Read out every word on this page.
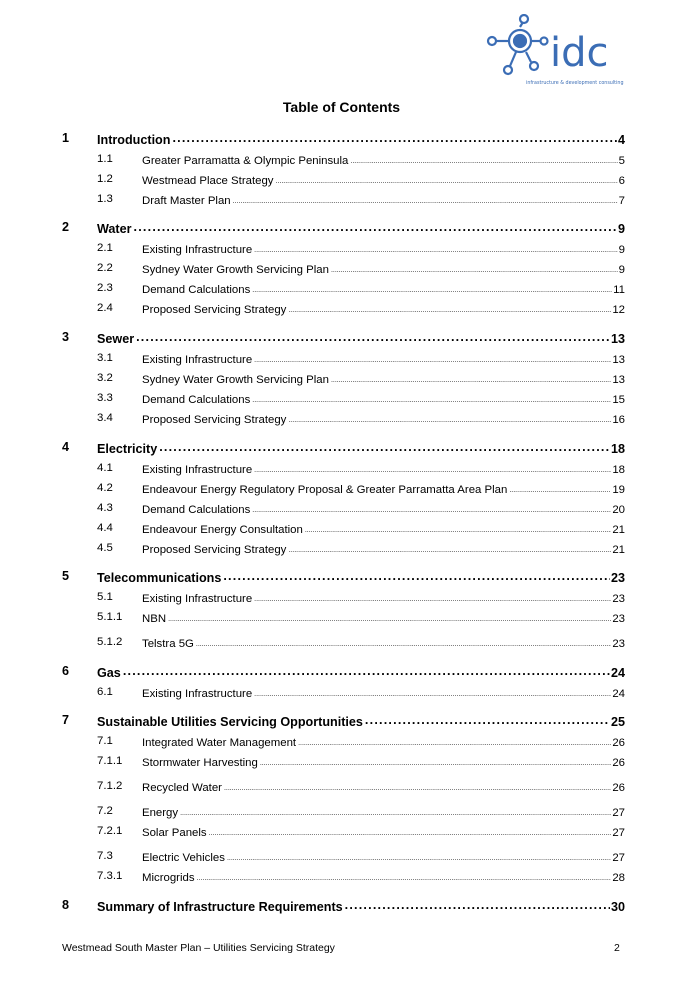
idc
infrastructure & development consulting
Table of Contents
1 Introduction .....	4
1.1	Greater Parramatta & Olympic Peninsula .....	5
1.2	Westmead Place Strategy .....	6
1.3	Draft Master Plan .....	7
2 Water .....	9
2.1	Existing Infrastructure .....	9
2.2	Sydney Water Growth Servicing Plan .....	9
2.3	Demand Calculations .....	11
2.4	Proposed Servicing Strategy .....	12
3 Sewer .....	13
3.1	Existing Infrastructure .....	13
3.2	Sydney Water Growth Servicing Plan .....	13
3.3	Demand Calculations .....	15
3.4	Proposed Servicing Strategy .....	16
4 Electricity .....	18
4.1	Existing Infrastructure .....	18
4.2	Endeavour Energy Regulatory Proposal & Greater Parramatta Area Plan .....	19
4.3	Demand Calculations .....	20
4.4	Endeavour Energy Consultation .....	21
4.5	Proposed Servicing Strategy .....	21
5 Telecommunications .....	23
5.1	Existing Infrastructure .....	23
5.1.1 NBN .....	23
5.1.2 Telstra 5G .....	23
6 Gas .....	24
6.1	Existing Infrastructure .....	24
7 Sustainable Utilities Servicing Opportunities .....	25
7.1	Integrated Water Management .....	26
7.1.1 Stormwater Harvesting .....	26
7.1.2 Recycled Water .....	26
7.2	Energy .....	27
7.2.1 Solar Panels .....	27
7.3	Electric Vehicles .....	27
7.3.1 Microgrids .....	28
8 Summary of Infrastructure Requirements .....	30
Westmead South Master Plan – Utilities Servicing Strategy	2
